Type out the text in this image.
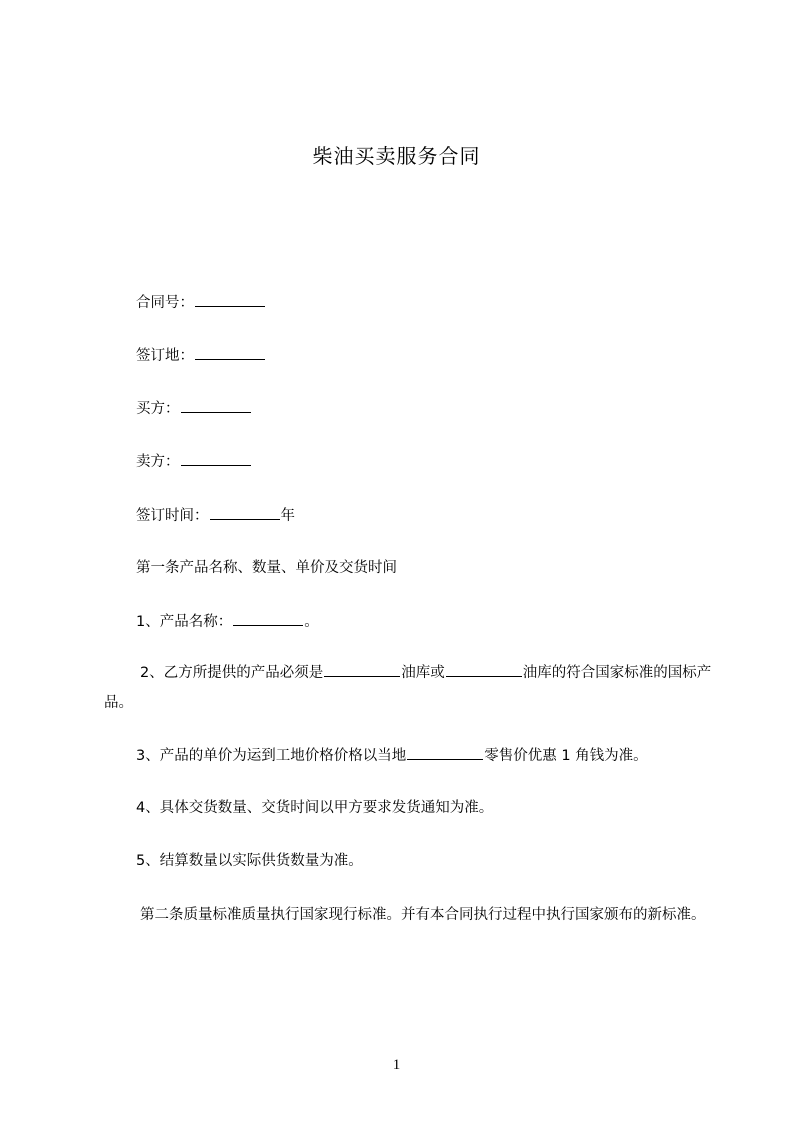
柴油买卖服务合同
合同号：
签订地：
买方：
卖方：
签订时间：	年
第一条产品名称、数量、单价及交货时间
1、产品名称：	。
2、乙方所提供的产品必须是	油库或	油库的符合国家标准的国标产品。
3、产品的单价为运到工地价格价格以当地	零售价优惠 1 角钱为准。
4、具体交货数量、交货时间以甲方要求发货通知为准。
5、结算数量以实际供货数量为准。
第二条质量标准质量执行国家现行标准。并有本合同执行过程中执行国家颁布的新标准。
1
